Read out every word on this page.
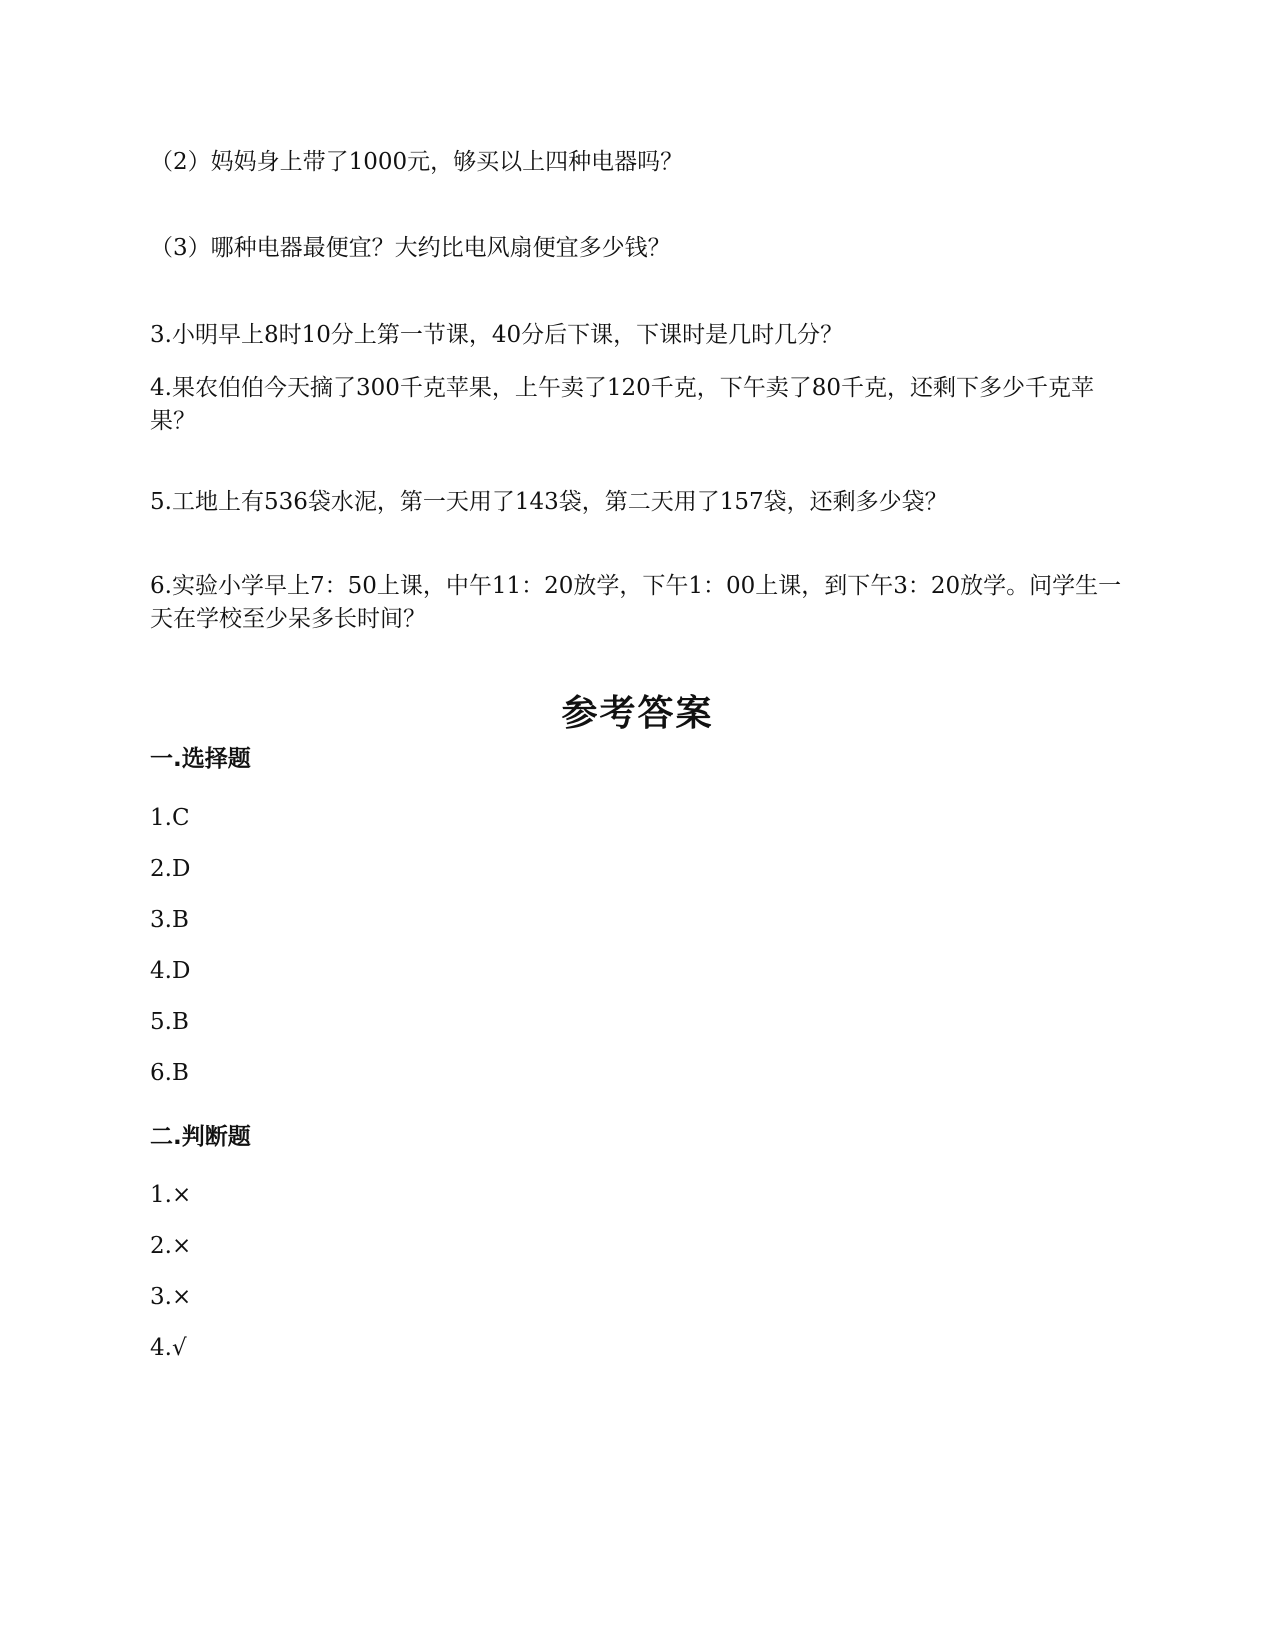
（2）妈妈身上带了1000元，够买以上四种电器吗？
（3）哪种电器最便宜？大约比电风扇便宜多少钱？
3.小明早上8时10分上第一节课，40分后下课，下课时是几时几分？
4.果农伯伯今天摘了300千克苹果，上午卖了120千克，下午卖了80千克，还剩下多少千克苹果？
5.工地上有536袋水泥，第一天用了143袋，第二天用了157袋，还剩多少袋？
6.实验小学早上7：50上课，中午11：20放学，下午1：00上课，到下午3：20放学。问学生一天在学校至少呆多长时间？
参考答案
一.选择题
1.C
2.D
3.B
4.D
5.B
6.B
二.判断题
1.×
2.×
3.×
4.√
